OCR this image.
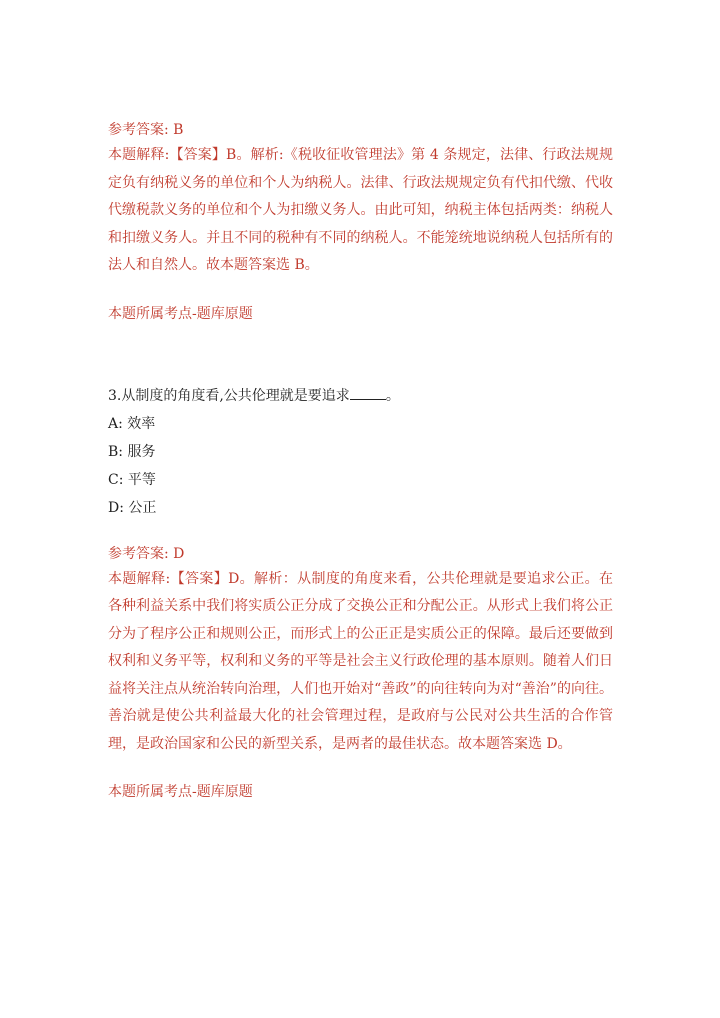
参考答案: B

本题解释:【答案】B。解析:《税收征收管理法》第 4 条规定，法律、行政法规规定负有纳税义务的单位和个人为纳税人。法律、行政法规规定负有代扣代缴、代收代缴税款义务的单位和个人为扣缴义务人。由此可知，纳税主体包括两类：纳税人和扣缴义务人。并且不同的税种有不同的纳税人。不能笼统地说纳税人包括所有的法人和自然人。故本题答案选 B。

本题所属考点-题库原题
3.从制度的角度看,公共伦理就是要追求	。
A: 效率
B: 服务
C: 平等
D: 公正
参考答案: D

本题解释:【答案】D。解析：从制度的角度来看，公共伦理就是要追求公正。在各种利益关系中我们将实质公正分成了交换公正和分配公正。从形式上我们将公正分为了程序公正和规则公正，而形式上的公正正是实质公正的保障。最后还要做到权利和义务平等，权利和义务的平等是社会主义行政伦理的基本原则。随着人们日益将关注点从统治转向治理，人们也开始对“善政”的向往转向为对“善治”的向往。善治就是使公共利益最大化的社会管理过程，是政府与公民对公共生活的合作管理，是政治国家和公民的新型关系，是两者的最佳状态。故本题答案选 D。

本题所属考点-题库原题
